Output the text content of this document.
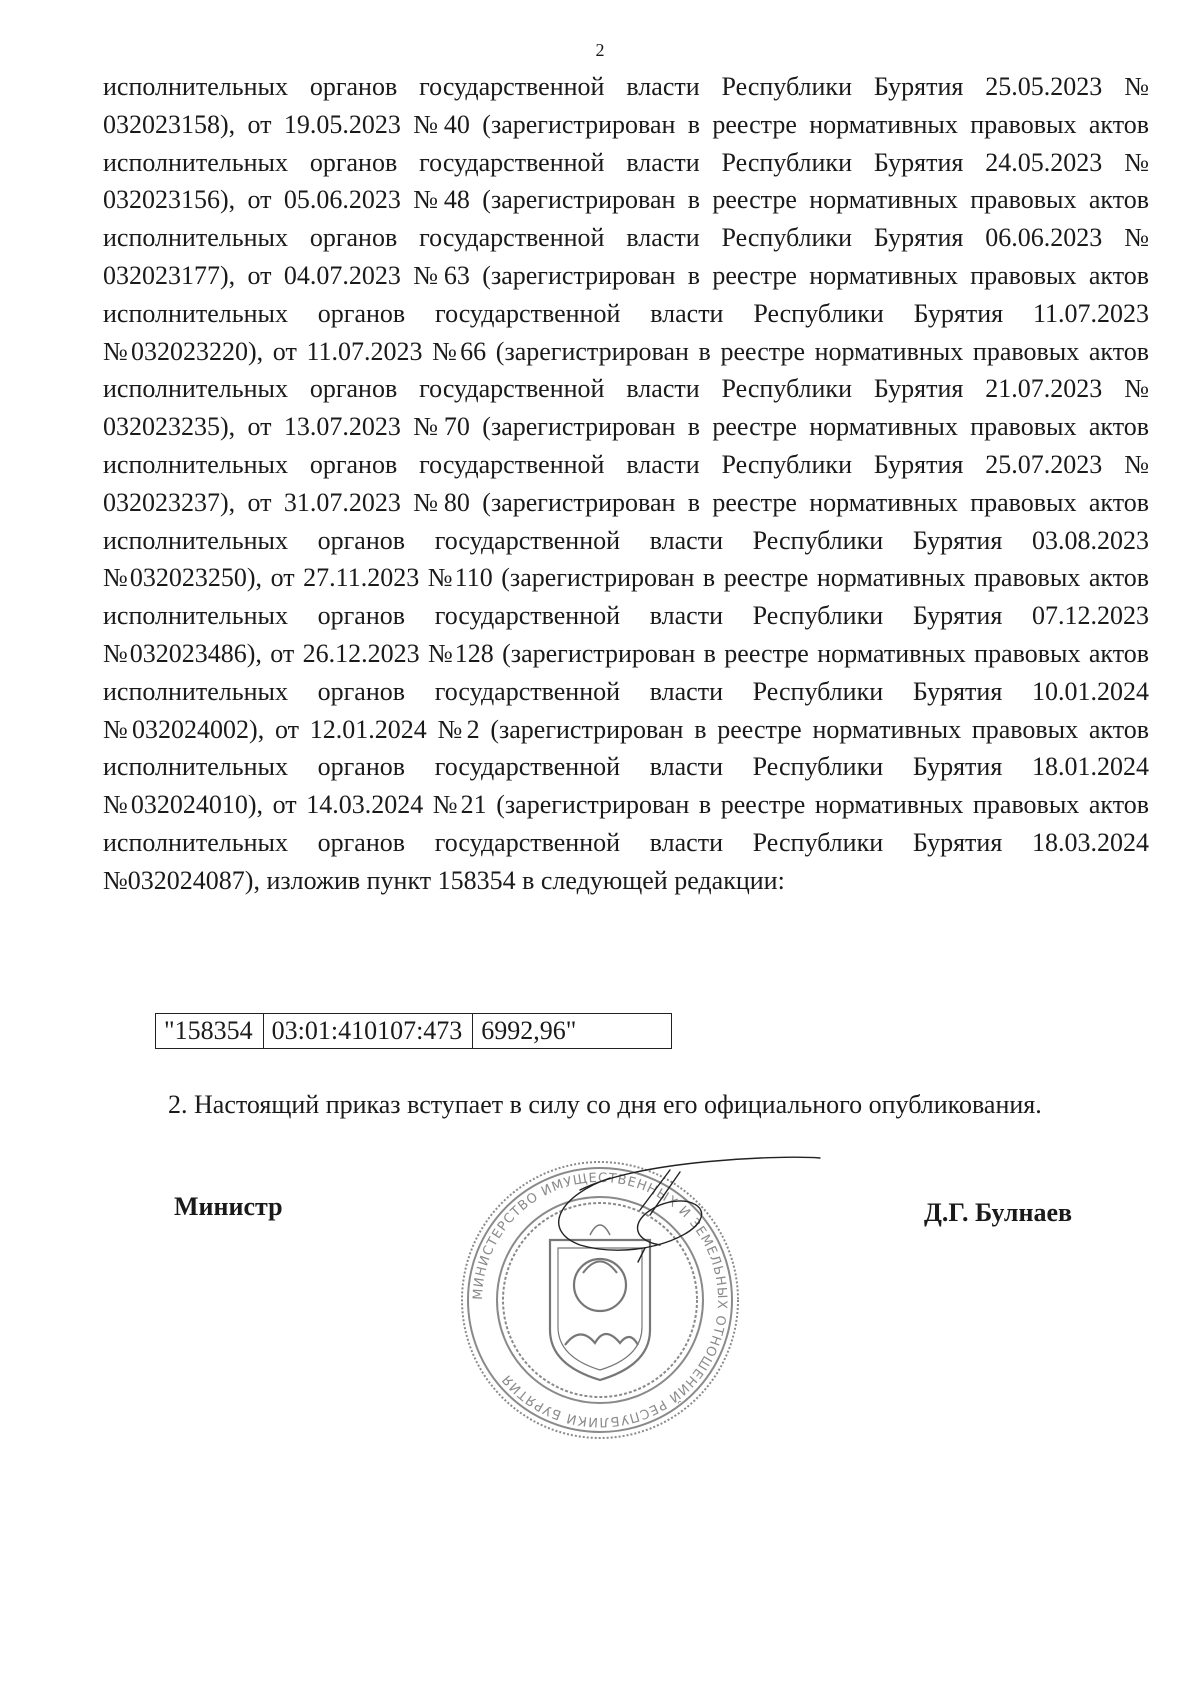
2

исполнительных органов государственной власти Республики Бурятия 25.05.2023 № 032023158), от 19.05.2023 №40 (зарегистрирован в реестре нормативных правовых актов исполнительных органов государственной власти Республики Бурятия 24.05.2023 № 032023156), от 05.06.2023 №48 (зарегистрирован в реестре нормативных правовых актов исполнительных органов государственной власти Республики Бурятия 06.06.2023 № 032023177), от 04.07.2023 №63 (зарегистрирован в реестре нормативных правовых актов исполнительных органов государственной власти Республики Бурятия 11.07.2023 №032023220), от 11.07.2023 №66 (зарегистрирован в реестре нормативных правовых актов исполнительных органов государственной власти Республики Бурятия 21.07.2023 № 032023235), от 13.07.2023 №70 (зарегистрирован в реестре нормативных правовых актов исполнительных органов государственной власти Республики Бурятия 25.07.2023 № 032023237), от 31.07.2023 №80 (зарегистрирован в реестре нормативных правовых актов исполнительных органов государственной власти Республики Бурятия 03.08.2023 №032023250), от 27.11.2023 №110 (зарегистрирован в реестре нормативных правовых актов исполнительных органов государственной власти Республики Бурятия 07.12.2023 №032023486), от 26.12.2023 №128 (зарегистрирован в реестре нормативных правовых актов исполнительных органов государственной власти Республики Бурятия 10.01.2024 №032024002), от 12.01.2024 №2 (зарегистрирован в реестре нормативных правовых актов исполнительных органов государственной власти Республики Бурятия 18.01.2024 №032024010), от 14.03.2024 №21 (зарегистрирован в реестре нормативных правовых актов исполнительных органов государственной власти Республики Бурятия 18.03.2024 №032024087), изложив пункт 158354 в следующей редакции:

"158354	03:01:410107:473	6992,96"

2. Настоящий приказ вступает в силу со дня его официального опубликования.

Министр
МИНИСТЕРСТВО ИМУЩЕСТВЕННЫХ И ЗЕМЕЛЬНЫХ ОТНОШЕНИЙ РЕСПУБЛИКИ БУРЯТИЯ
Д.Г. Булнаев
